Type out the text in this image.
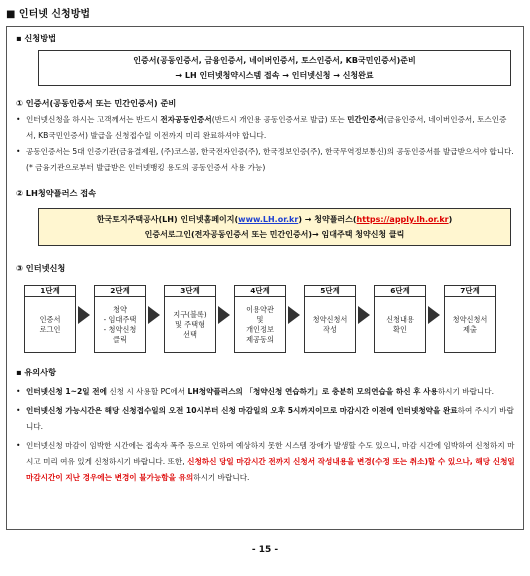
■ 인터넷 신청방법
▪ 신청방법
인증서(공동인증서, 금융인증서, 네이버인증서, 토스인증서, KB국민인증서)준비
→ LH 인터넷청약시스템 접속 → 인터넷신청 → 신청완료
① 인증서(공동인증서 또는 민간인증서) 준비
• 인터넷신청을 하시는 고객께서는 반드시 전자공동인증서(반드시 개인용 공동인증서로 발급) 또는 민간인증서(금융인증서, 네이버인증서, 토스인증서, KB국민인증서) 발급을 신청접수일 이전까지 미리 완료하셔야 합니다.
• 공동인증서는 5대 인증기관(금융결제원, (주)코스콤, 한국전자인증(주), 한국정보인증(주), 한국무역정보통신)의 공동인증서를 발급받으셔야 합니다. (* 금융기관으로부터 발급받은 인터넷뱅킹 용도의 공동인증서 사용 가능)
② LH청약플러스 접속
한국토지주택공사(LH) 인터넷홈페이지(www.LH.or.kr) → 청약플러스(https://apply.lh.or.kr)
인증서로그인(전자공동인증서 또는 민간인증서)→ 임대주택 청약신청 클릭
③ 인터넷신청
1단계
인증서
로그인
2단계
청약
- 임대주택
- 청약신청
클릭
3단계
지구(블록)
및 주택형
선택
4단계
이용약관
및
개인정보
제공동의
5단계
청약신청서
작성
6단계
신청내용
확인
7단계
청약신청서
제출
▪ 유의사항
• 인터넷신청 1~2일 전에 신청 시 사용할 PC에서 LH청약플러스의 「청약신청 연습하기」로 충분히 모의연습을 하신 후 사용하시기 바랍니다.
• 인터넷신청 가능시간은 해당 신청접수일의 오전 10시부터 신청 마감일의 오후 5시까지이므로 마감시간 이전에 인터넷청약을 완료하여 주시기 바랍니다.
• 인터넷신청 마감이 임박한 시간에는 접속자 폭주 등으로 인하여 예상하지 못한 시스템 장애가 발생할 수도 있으니, 마감 시간에 임박하여 신청하지 마시고 미리 여유 있게 신청하시기 바랍니다. 또한, 신청하신 당일 마감시간 전까지 신청서 작성내용을 변경(수정 또는 취소)할 수 있으나, 해당 신청일 마감시간이 지난 경우에는 변경이 불가능함을 유의하시기 바랍니다.
- 15 -
